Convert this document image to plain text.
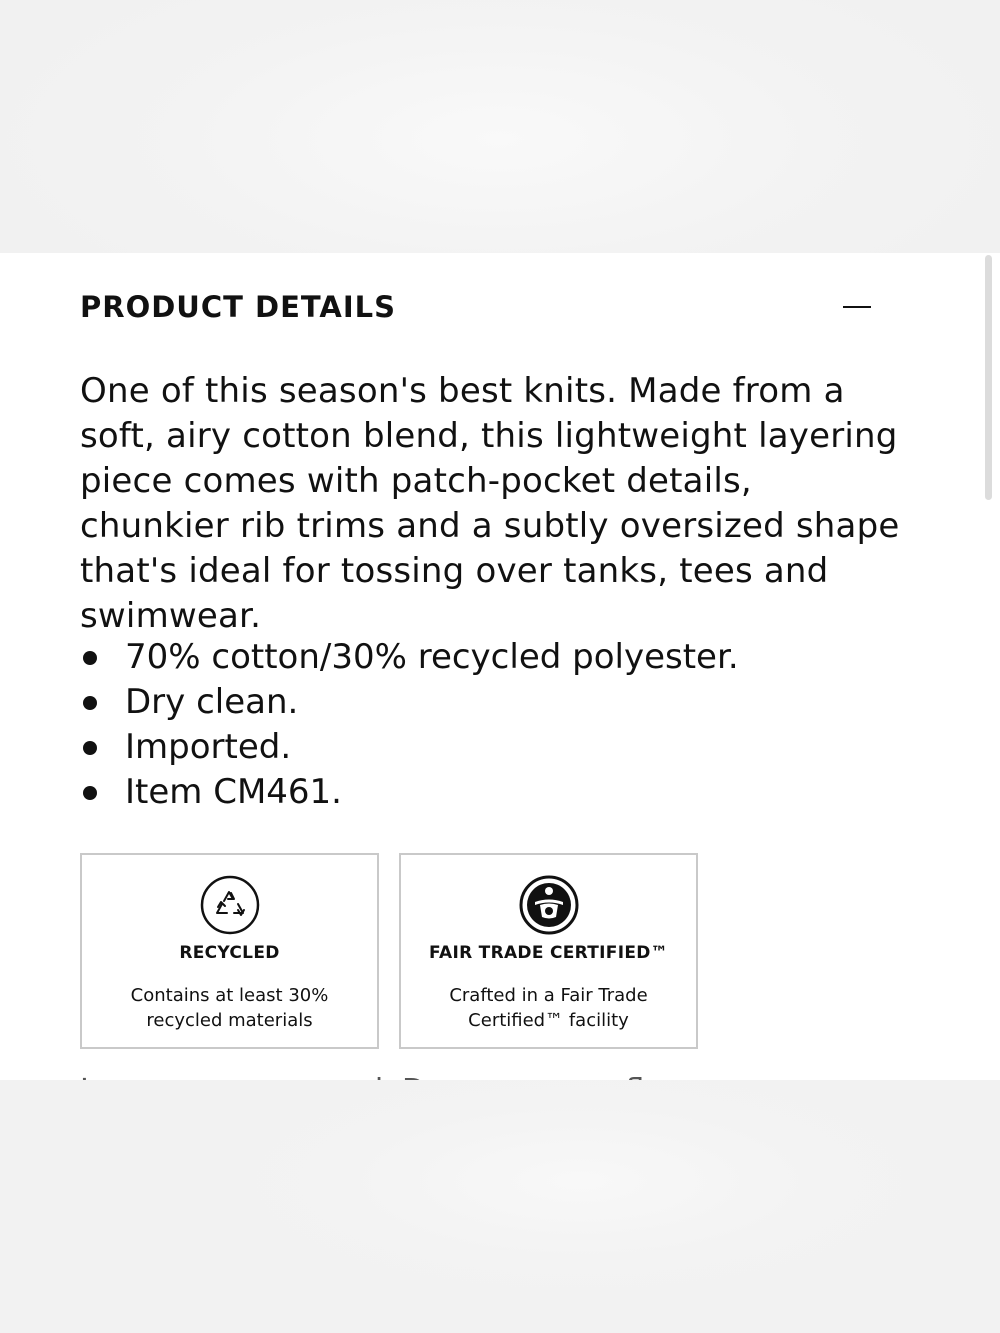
PRODUCT DETAILS

One of this season's best knits. Made from a soft, airy cotton blend, this lightweight layering piece comes with patch-pocket details, chunkier rib trims and a subtly oversized shape that's ideal for tossing over tanks, tees and swimwear.

70% cotton/30% recycled polyester.
Dry clean.
Imported.
Item CM461.
RECYCLED
Contains at least 30% recycled materials
FAIR TRADE CERTIFIED™
Crafted in a Fair Trade Certified™ facility
